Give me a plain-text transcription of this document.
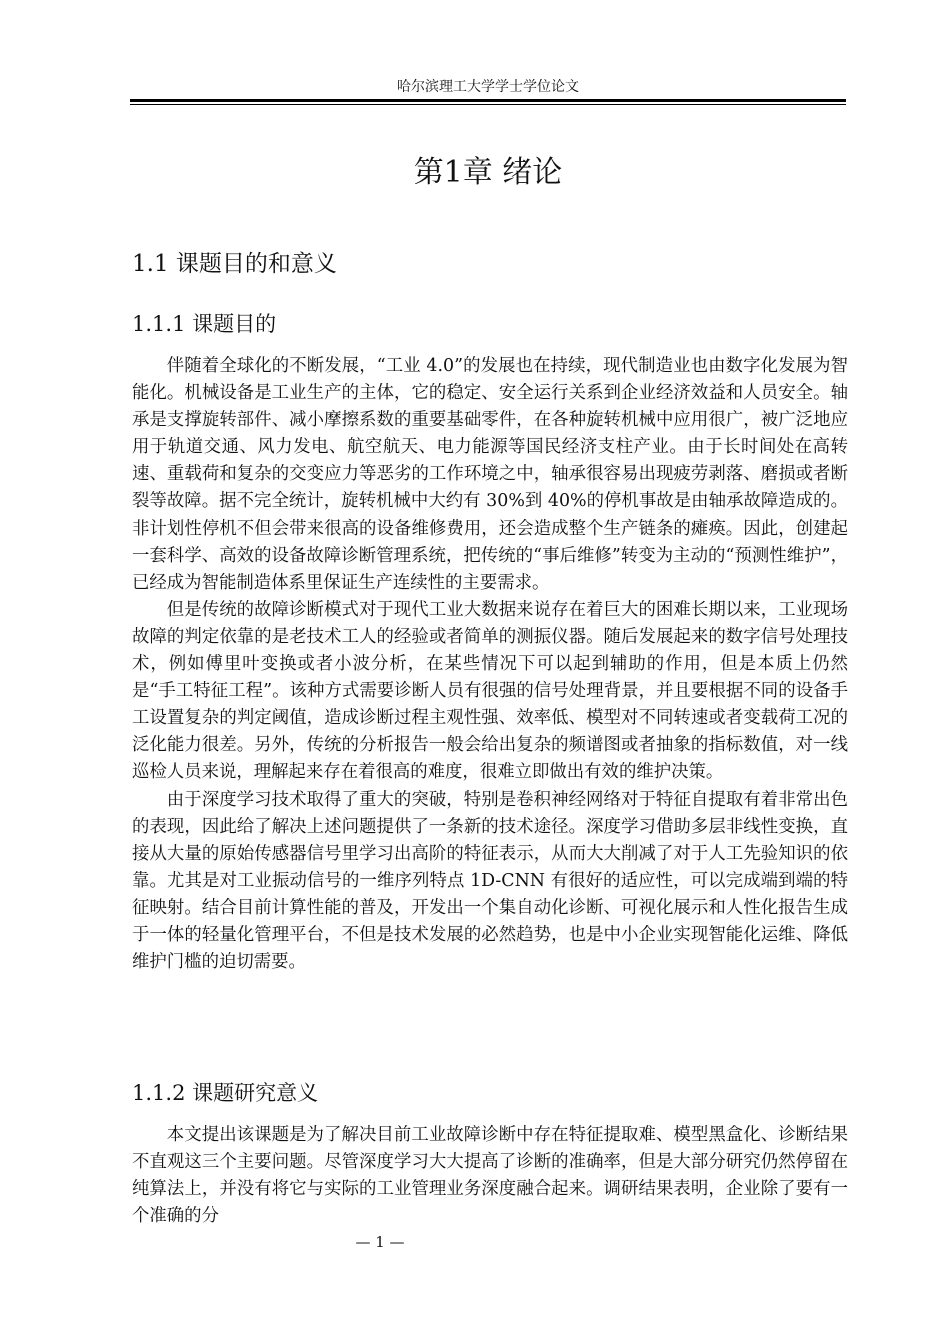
哈尔滨理工大学学士学位论文
第1章 绪论
1.1 课题目的和意义
1.1.1 课题目的

伴随着全球化的不断发展，“工业 4.0”的发展也在持续，现代制造业也由数字化发展为智能化。机械设备是工业生产的主体，它的稳定、安全运行关系到企业经济效益和人员安全。轴承是支撑旋转部件、减小摩擦系数的重要基础零件，在各种旋转机械中应用很广，被广泛地应用于轨道交通、风力发电、航空航天、电力能源等国民经济支柱产业。由于长时间处在高转速、重载荷和复杂的交变应力等恶劣的工作环境之中，轴承很容易出现疲劳剥落、磨损或者断裂等故障。据不完全统计，旋转机械中大约有 30%到 40%的停机事故是由轴承故障造成的。非计划性停机不但会带来很高的设备维修费用，还会造成整个生产链条的瘫痪。因此，创建起一套科学、高效的设备故障诊断管理系统，把传统的“事后维修”转变为主动的“预测性维护”，已经成为智能制造体系里保证生产连续性的主要需求。

但是传统的故障诊断模式对于现代工业大数据来说存在着巨大的困难长期以来，工业现场故障的判定依靠的是老技术工人的经验或者简单的测振仪器。随后发展起来的数字信号处理技术，例如傅里叶变换或者小波分析，在某些情况下可以起到辅助的作用，但是本质上仍然是“手工特征工程”。该种方式需要诊断人员有很强的信号处理背景，并且要根据不同的设备手工设置复杂的判定阈值，造成诊断过程主观性强、效率低、模型对不同转速或者变载荷工况的泛化能力很差。另外，传统的分析报告一般会给出复杂的频谱图或者抽象的指标数值，对一线巡检人员来说，理解起来存在着很高的难度，很难立即做出有效的维护决策。

由于深度学习技术取得了重大的突破，特别是卷积神经网络对于特征自提取有着非常出色的表现，因此给了解决上述问题提供了一条新的技术途径。深度学习借助多层非线性变换，直接从大量的原始传感器信号里学习出高阶的特征表示，从而大大削减了对于人工先验知识的依靠。尤其是对工业振动信号的一维序列特点 1D-CNN 有很好的适应性，可以完成端到端的特征映射。结合目前计算性能的普及，开发出一个集自动化诊断、可视化展示和人性化报告生成于一体的轻量化管理平台，不但是技术发展的必然趋势，也是中小企业实现智能化运维、降低维护门槛的迫切需要。

1.1.2 课题研究意义

本文提出该课题是为了解决目前工业故障诊断中存在特征提取难、模型黑盒化、诊断结果不直观这三个主要问题。尽管深度学习大大提高了诊断的准确率，但是大部分研究仍然停留在纯算法上，并没有将它与实际的工业管理业务深度融合起来。调研结果表明，企业除了要有一个准确的分

— 1 —
